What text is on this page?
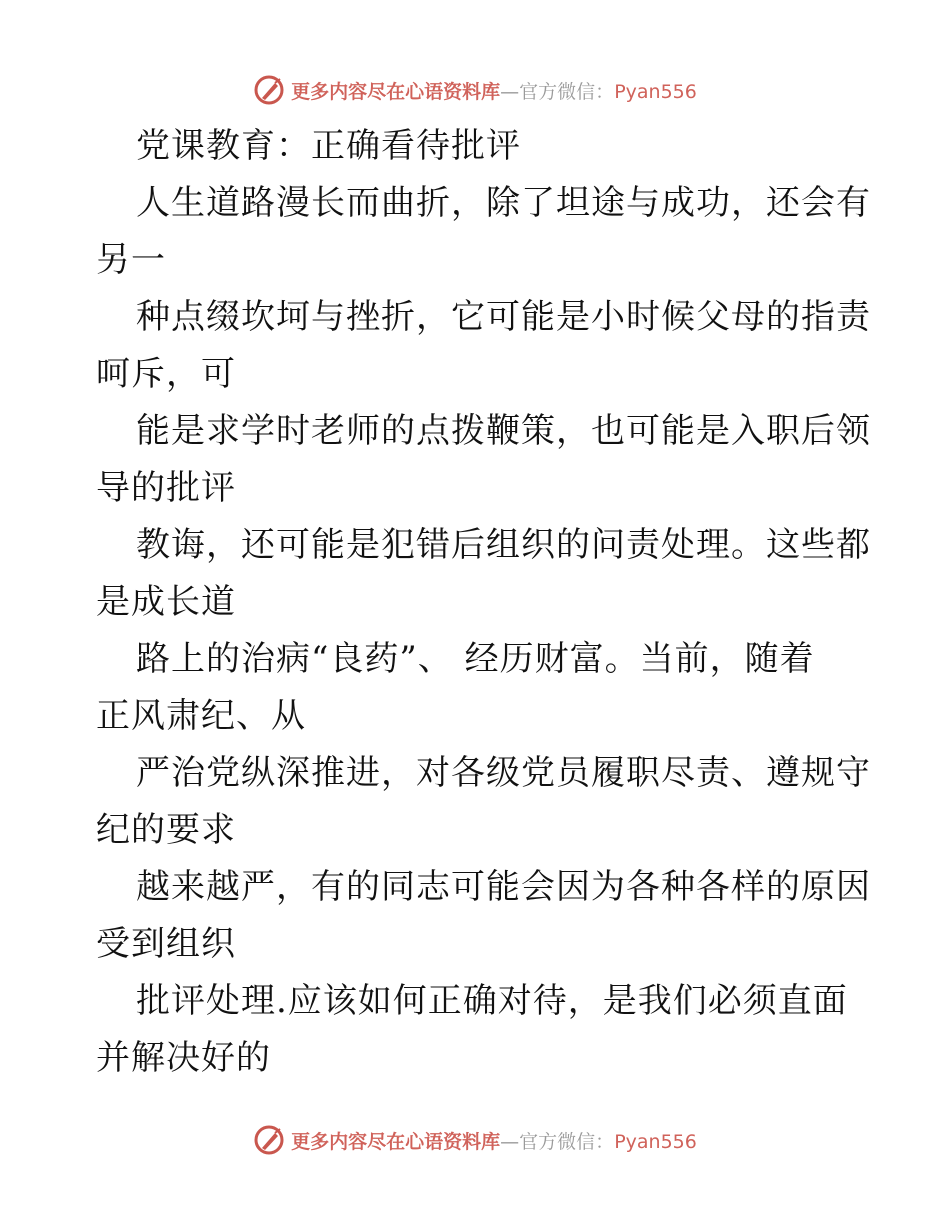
更多内容尽在心语资料库—官方微信：Pyan556
党课教育：正确看待批评
人生道路漫长而曲折，除了坦途与成功，还会有
另一
种点缀坎坷与挫折，它可能是小时候父母的指责
呵斥，可
能是求学时老师的点拨鞭策，也可能是入职后领
导的批评
教诲，还可能是犯错后组织的问责处理。这些都
是成长道
路上的治病“良药”、 经历财富。当前，随着
正风肃纪、从
严治党纵深推进，对各级党员履职尽责、遵规守
纪的要求
越来越严，有的同志可能会因为各种各样的原因
受到组织
批评处理.应该如何正确对待，是我们必须直面
并解决好的
更多内容尽在心语资料库—官方微信：Pyan556
